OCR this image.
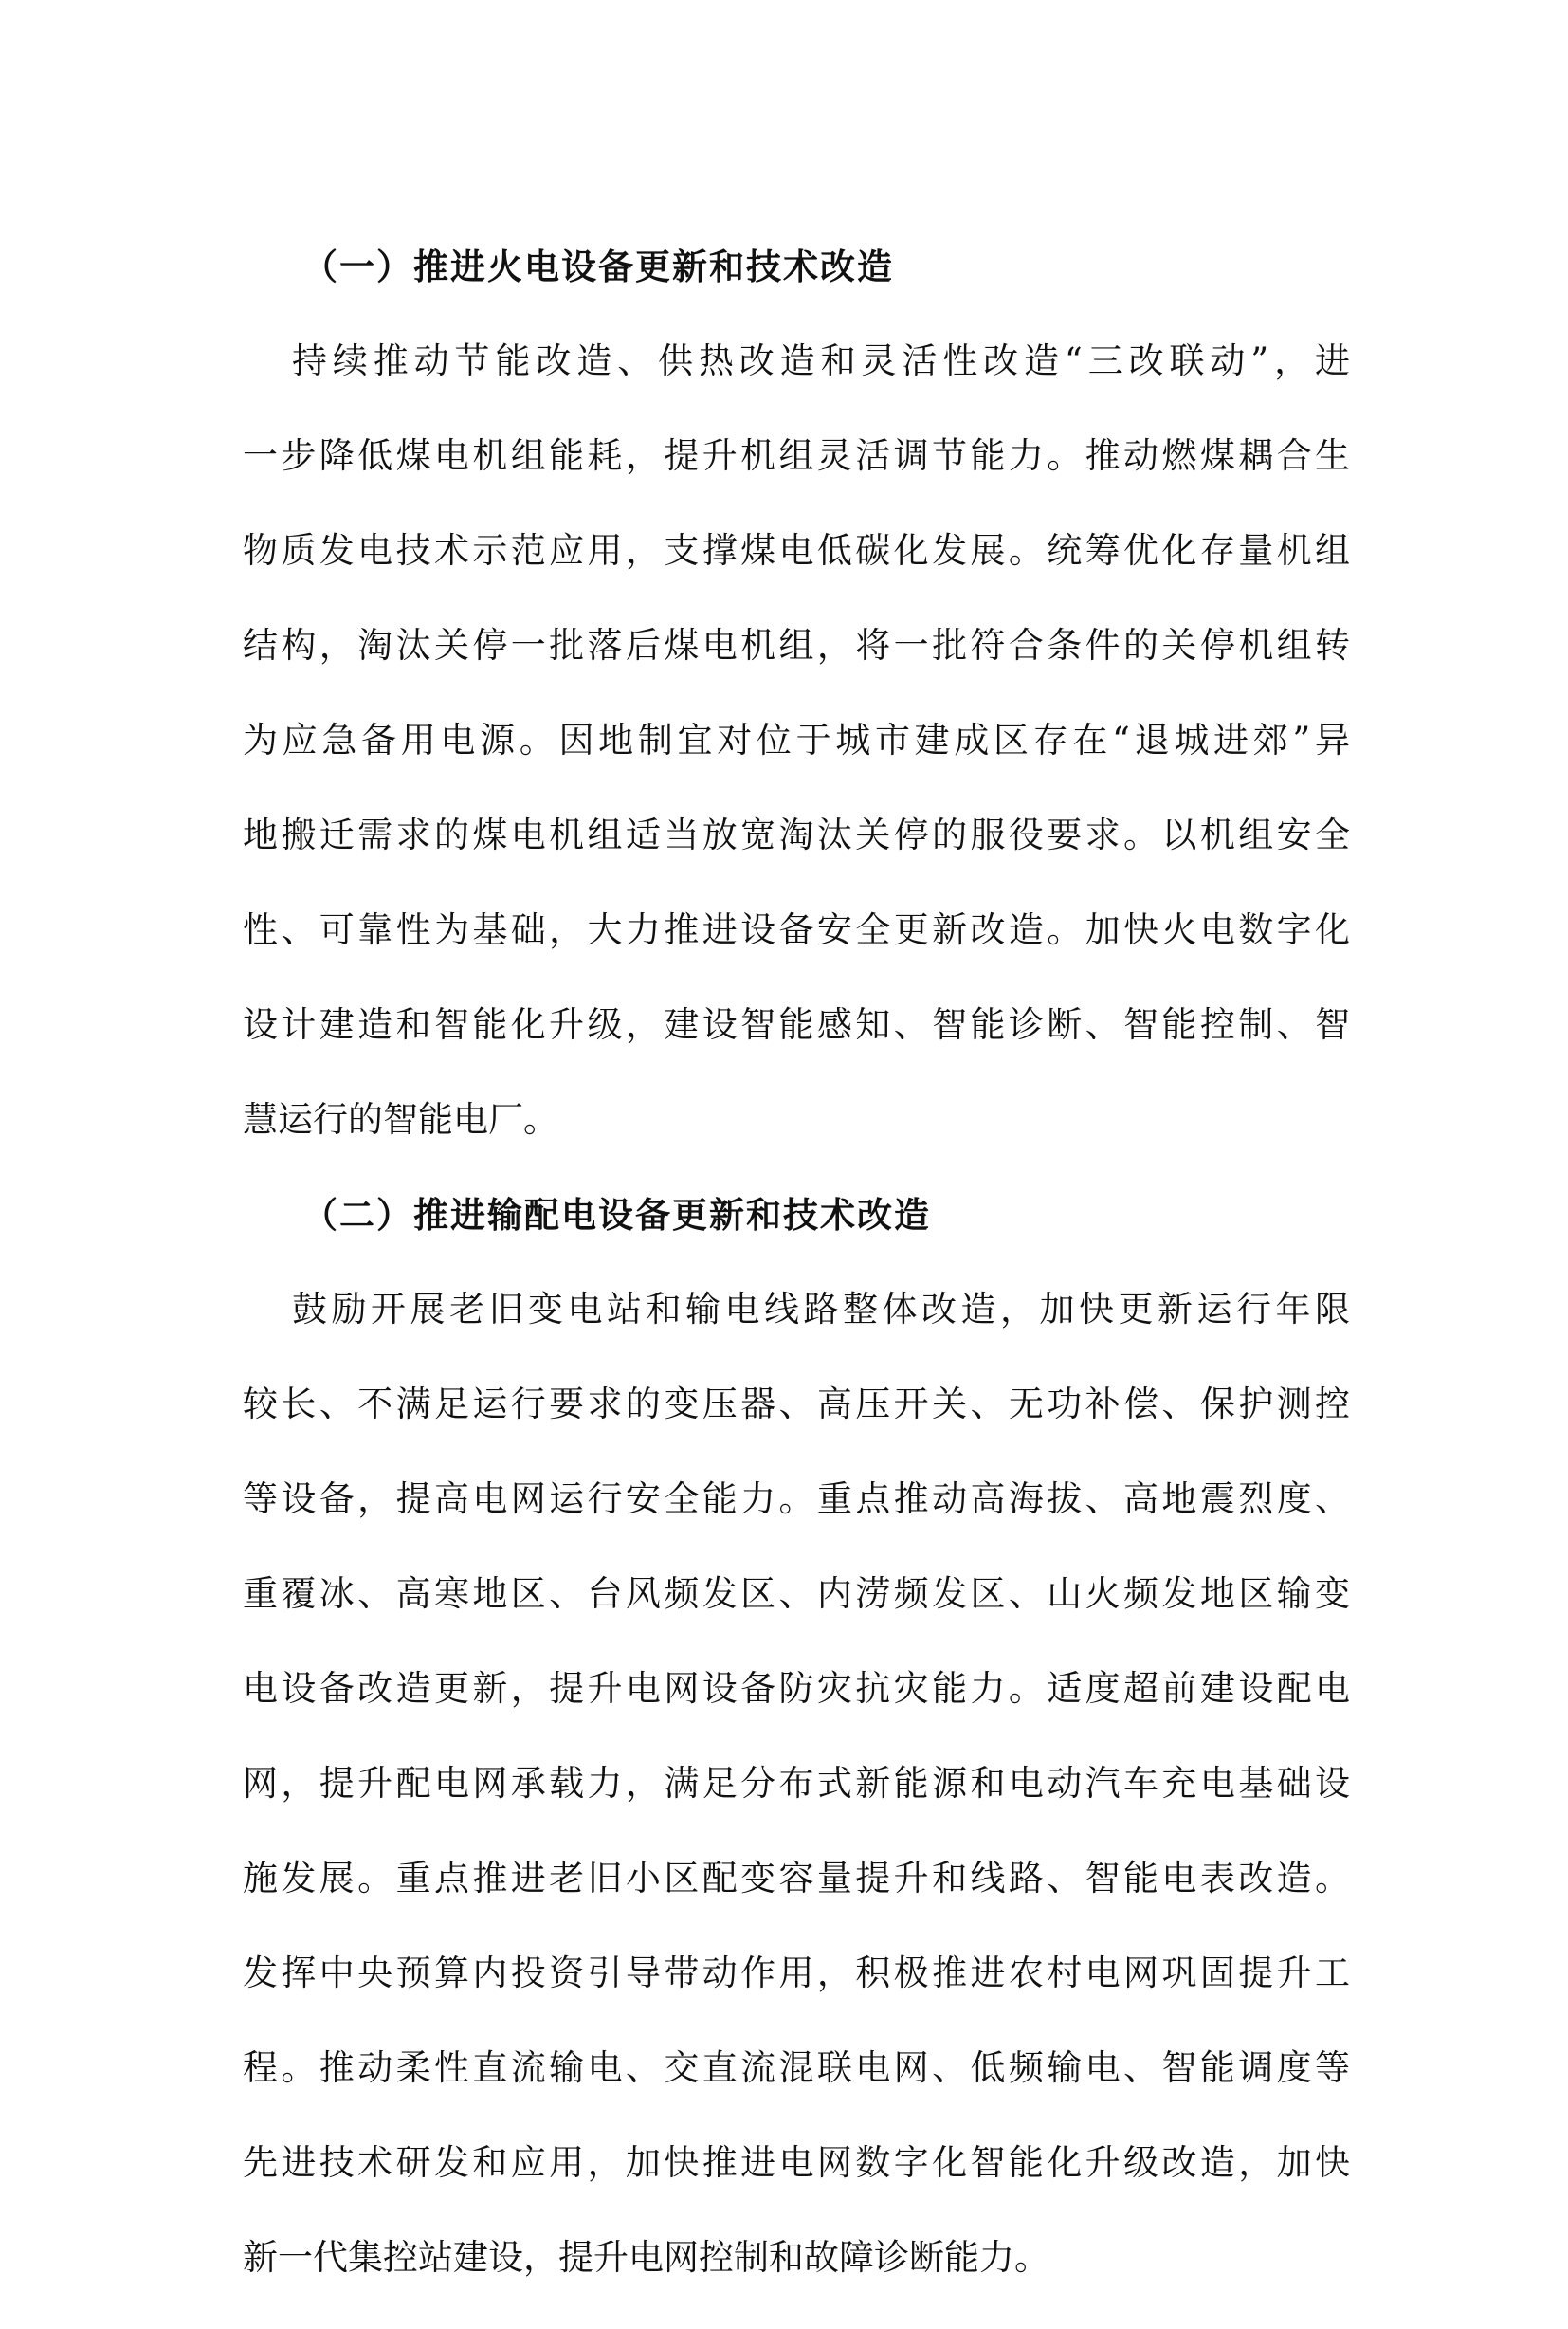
（一）推进火电设备更新和技术改造
持续推动节能改造、供热改造和灵活性改造“三改联动”，进
一步降低煤电机组能耗，提升机组灵活调节能力。推动燃煤耦合生
物质发电技术示范应用，支撑煤电低碳化发展。统筹优化存量机组
结构，淘汰关停一批落后煤电机组，将一批符合条件的关停机组转
为应急备用电源。因地制宜对位于城市建成区存在“退城进郊”异
地搬迁需求的煤电机组适当放宽淘汰关停的服役要求。以机组安全
性、可靠性为基础，大力推进设备安全更新改造。加快火电数字化
设计建造和智能化升级，建设智能感知、智能诊断、智能控制、智
慧运行的智能电厂。
（二）推进输配电设备更新和技术改造
鼓励开展老旧变电站和输电线路整体改造，加快更新运行年限
较长、不满足运行要求的变压器、高压开关、无功补偿、保护测控
等设备，提高电网运行安全能力。重点推动高海拔、高地震烈度、
重覆冰、高寒地区、台风频发区、内涝频发区、山火频发地区输变
电设备改造更新，提升电网设备防灾抗灾能力。适度超前建设配电
网，提升配电网承载力，满足分布式新能源和电动汽车充电基础设
施发展。重点推进老旧小区配变容量提升和线路、智能电表改造。
发挥中央预算内投资引导带动作用，积极推进农村电网巩固提升工
程。推动柔性直流输电、交直流混联电网、低频输电、智能调度等
先进技术研发和应用，加快推进电网数字化智能化升级改造，加快
新一代集控站建设，提升电网控制和故障诊断能力。
